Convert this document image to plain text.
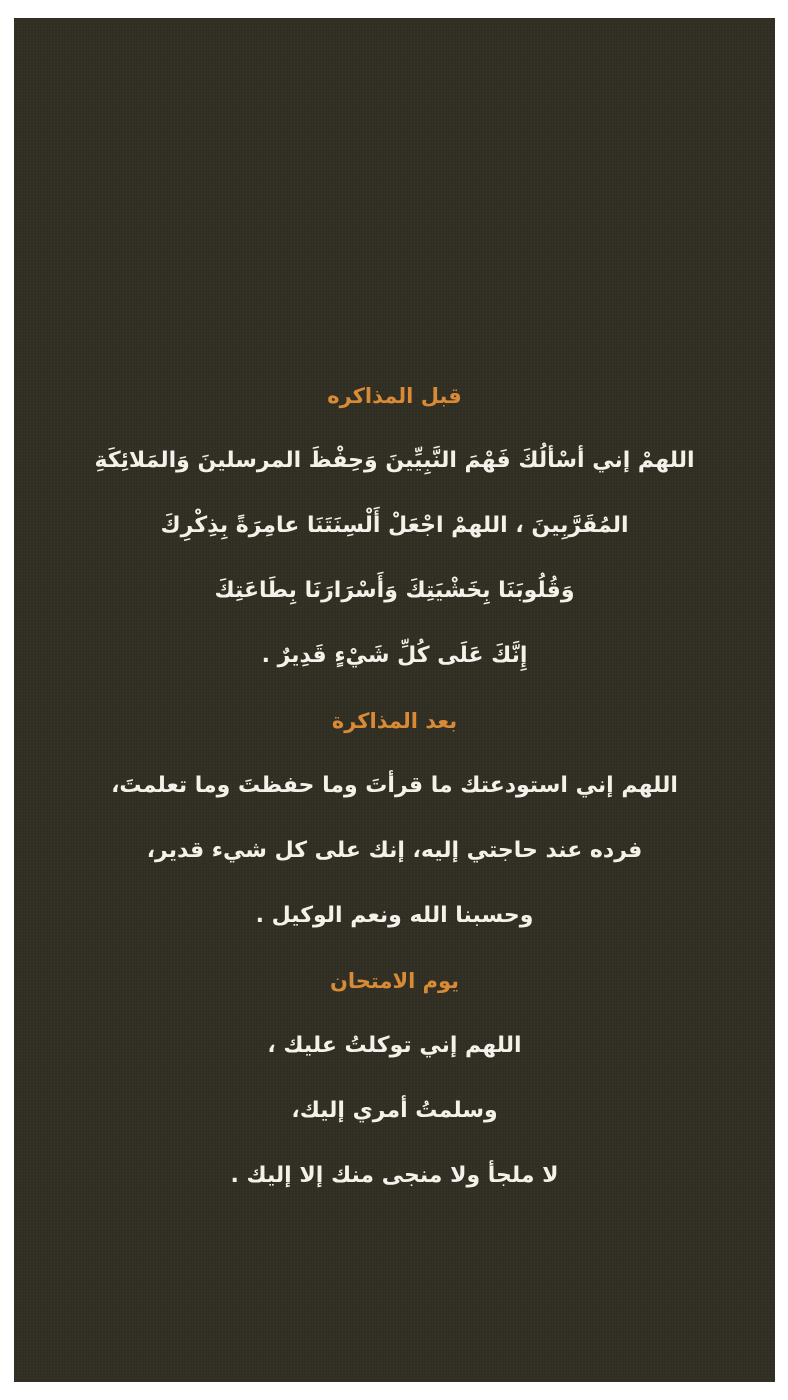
قبل المذاكره
اللهمْ إني أسْألُكَ فَهْمَ النَّبِيِّينَ وَحِفْظَ المرسلينَ وَالمَلائِكَةِ
المُقَرَّبِينَ ، اللهمْ اجْعَلْ أَلْسِنَتَنَا عامِرَةً بِذِكْرِكَ
وَقُلُوبَنَا بِخَشْيَتِكَ وَأَسْرَارَنَا بِطَاعَتِكَ
إِنَّكَ عَلَى كُلِّ شَيْءٍ قَدِيرٌ .
بعد المذاكرة
اللهم إني استودعتك ما قرأتَ وما حفظتَ وما تعلمتَ،
فرده عند حاجتي إليه، إنك على كل شيء قدير،
وحسبنا الله ونعم الوكيل .
يوم الامتحان
اللهم إني توكلتُ عليك ،
وسلمتُ أمري إليك،
لا ملجأ ولا منجى منك إلا إليك .
